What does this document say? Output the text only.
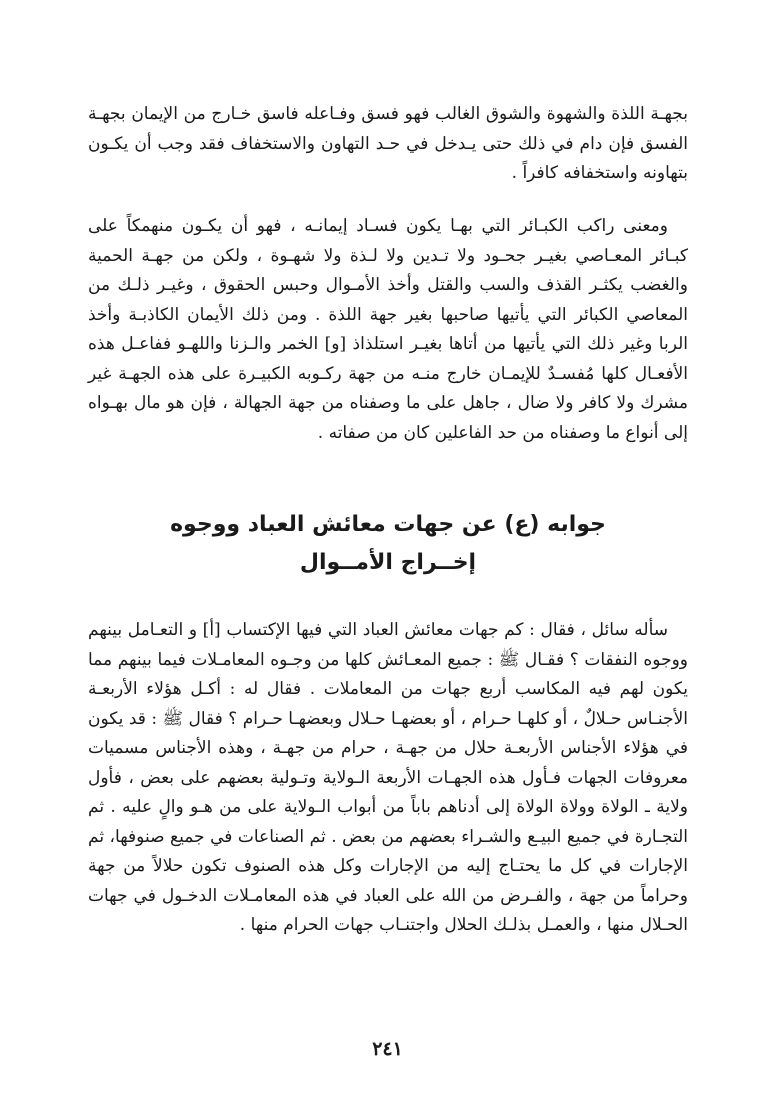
بجهـة اللذة والشهوة والشوق الغالب فهو فسق وفـاعله فاسق خـارج من الإيمان بجهـة الفسق فإن دام في ذلك حتى يـدخل في حـد التهاون والاستخفاف فقد وجب أن يكـون بتهاونه واستخفافه كافراً .

ومعنى راكب الكبـائر التي بهـا يكون فسـاد إيمانـه ، فهو أن يكـون منهمكاً على كبـائر المعـاصي بغيـر جحـود ولا تـدين ولا لـذة ولا شهـوة ، ولكن من جهـة الحمية والغضب يكثـر القذف والسب والقتل وأخذ الأمـوال وحبس الحقوق ، وغيـر ذلـك من المعاصي الكبائر التي يأتيها صاحبها بغير جهة اللذة . ومن ذلك الأيمان الكاذبـة وأخذ الربا وغير ذلك التي يأتيها من أتاها بغيـر استلذاذ [و] الخمر والـزنا واللهـو ففاعـل هذه الأفعـال كلها مُفسـدٌ للإيمـان خارج منـه من جهة ركـوبه الكبيـرة على هذه الجهـة غير مشرك ولا كافر ولا ضال ، جاهل على ما وصفناه من جهة الجهالة ، فإن هو مال بهـواه إلى أنواع ما وصفناه من حد الفاعلين كان من صفاته .

جوابه (ع) عن جهات معائش العباد ووجوه
إخــراج الأمــوال

سأله سائل ، فقال : كم جهات معائش العباد التي فيها الإكتساب [أ] و التعـامل بينهم ووجوه النفقات ؟ فقـال ﷺ : جميع المعـائش كلها من وجـوه المعامـلات فيما بينهم مما يكون لهم فيه المكاسب أربع جهات من المعاملات . فقال له : أكـل هؤلاء الأربعـة الأجنـاس حـلالٌ ، أو كلهـا حـرام ، أو بعضهـا حـلال وبعضهـا حـرام ؟ فقال ﷺ : قد يكون في هؤلاء الأجناس الأربعـة حلال من جهـة ، حرام من جهـة ، وهذه الأجناس مسميات معروفات الجهات فـأول هذه الجهـات الأربعة الـولاية وتـولية بعضهم على بعض ، فأول ولاية ـ الولاة وولاة الولاة إلى أدناهم باباً من أبواب الـولاية على من هـو والٍ عليه . ثم التجـارة في جميع البيـع والشـراء بعضهم من بعض . ثم الصناعات في جميع صنوفها، ثم الإجارات في كل ما يحتـاج إليه من الإجارات وكل هذه الصنوف تكون حلالاً من جهة وحراماً من جهة ، والفـرض من الله على العباد في هذه المعامـلات الدخـول في جهات الحـلال منها ، والعمـل بذلـك الحلال واجتنـاب جهات الحرام منها .

٢٤١
